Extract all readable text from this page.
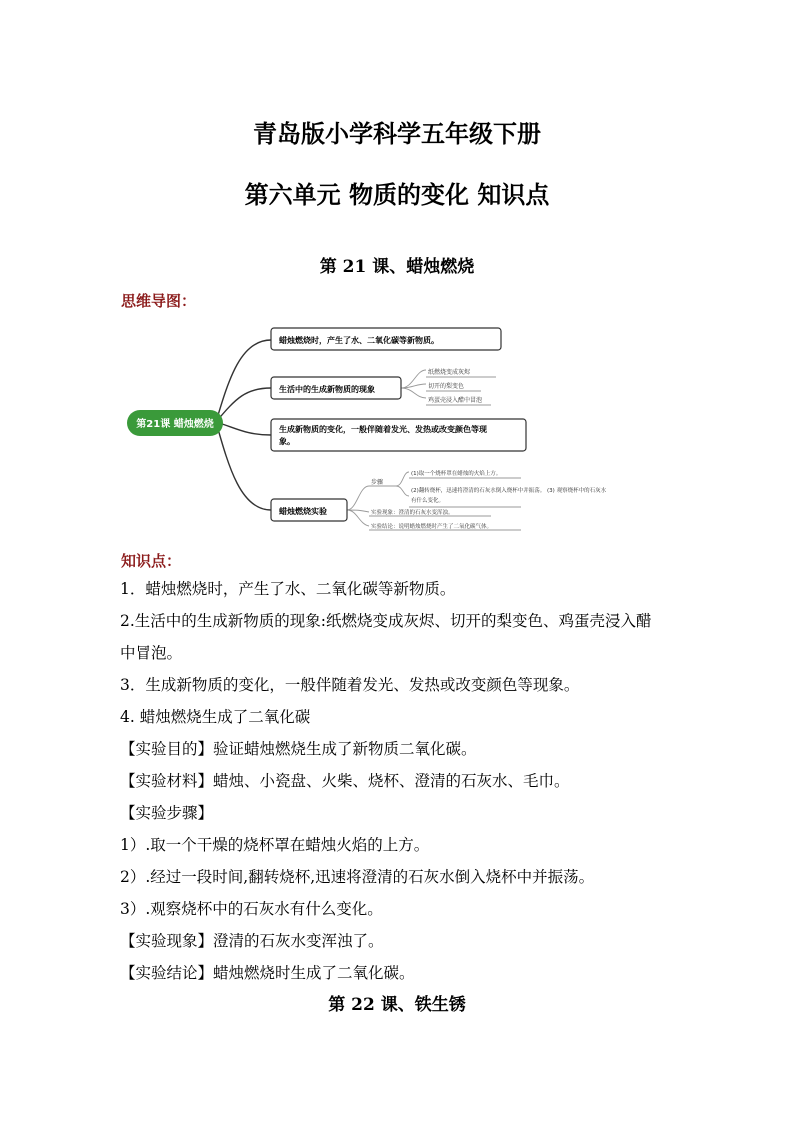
青岛版小学科学五年级下册
第六单元 物质的变化 知识点
第 21 课、蜡烛燃烧
思维导图：
第21课 蜡烛燃烧
蜡烛燃烧时，产生了水、二氧化碳等新物质。
生活中的生成新物质的现象
纸燃烧变成灰烬
切开的梨变色
鸡蛋壳浸入醋中冒泡
生成新物质的变化，一般伴随着发光、发热或改变颜色等现
象。
蜡烛燃烧实验
步骤
(1)取一个烧杯罩在蜡烛的火焰上方。
(2)翻转烧杯，迅速将澄清的石灰水倒入烧杯中并振荡。 (3) 观察烧杯中的石灰水
有什么变化。
实验现象：澄清的石灰水变浑浊。
实验结论：说明蜡烛燃烧时产生了二氧化碳气体。
知识点：

1．蜡烛燃烧时，产生了水、二氧化碳等新物质。

2.生活中的生成新物质的现象:纸燃烧变成灰烬、切开的梨变色、鸡蛋壳浸入醋

中冒泡。

3．生成新物质的变化，一般伴随着发光、发热或改变颜色等现象。

4. 蜡烛燃烧生成了二氧化碳

【实验目的】验证蜡烛燃烧生成了新物质二氧化碳。

【实验材料】蜡烛、小瓷盘、火柴、烧杯、澄清的石灰水、毛巾。

【实验步骤】

1）.取一个干燥的烧杯罩在蜡烛火焰的上方。

2）.经过一段时间,翻转烧杯,迅速将澄清的石灰水倒入烧杯中并振荡。

3）.观察烧杯中的石灰水有什么变化。

【实验现象】澄清的石灰水变浑浊了。

【实验结论】蜡烛燃烧时生成了二氧化碳。

第 22 课、铁生锈
